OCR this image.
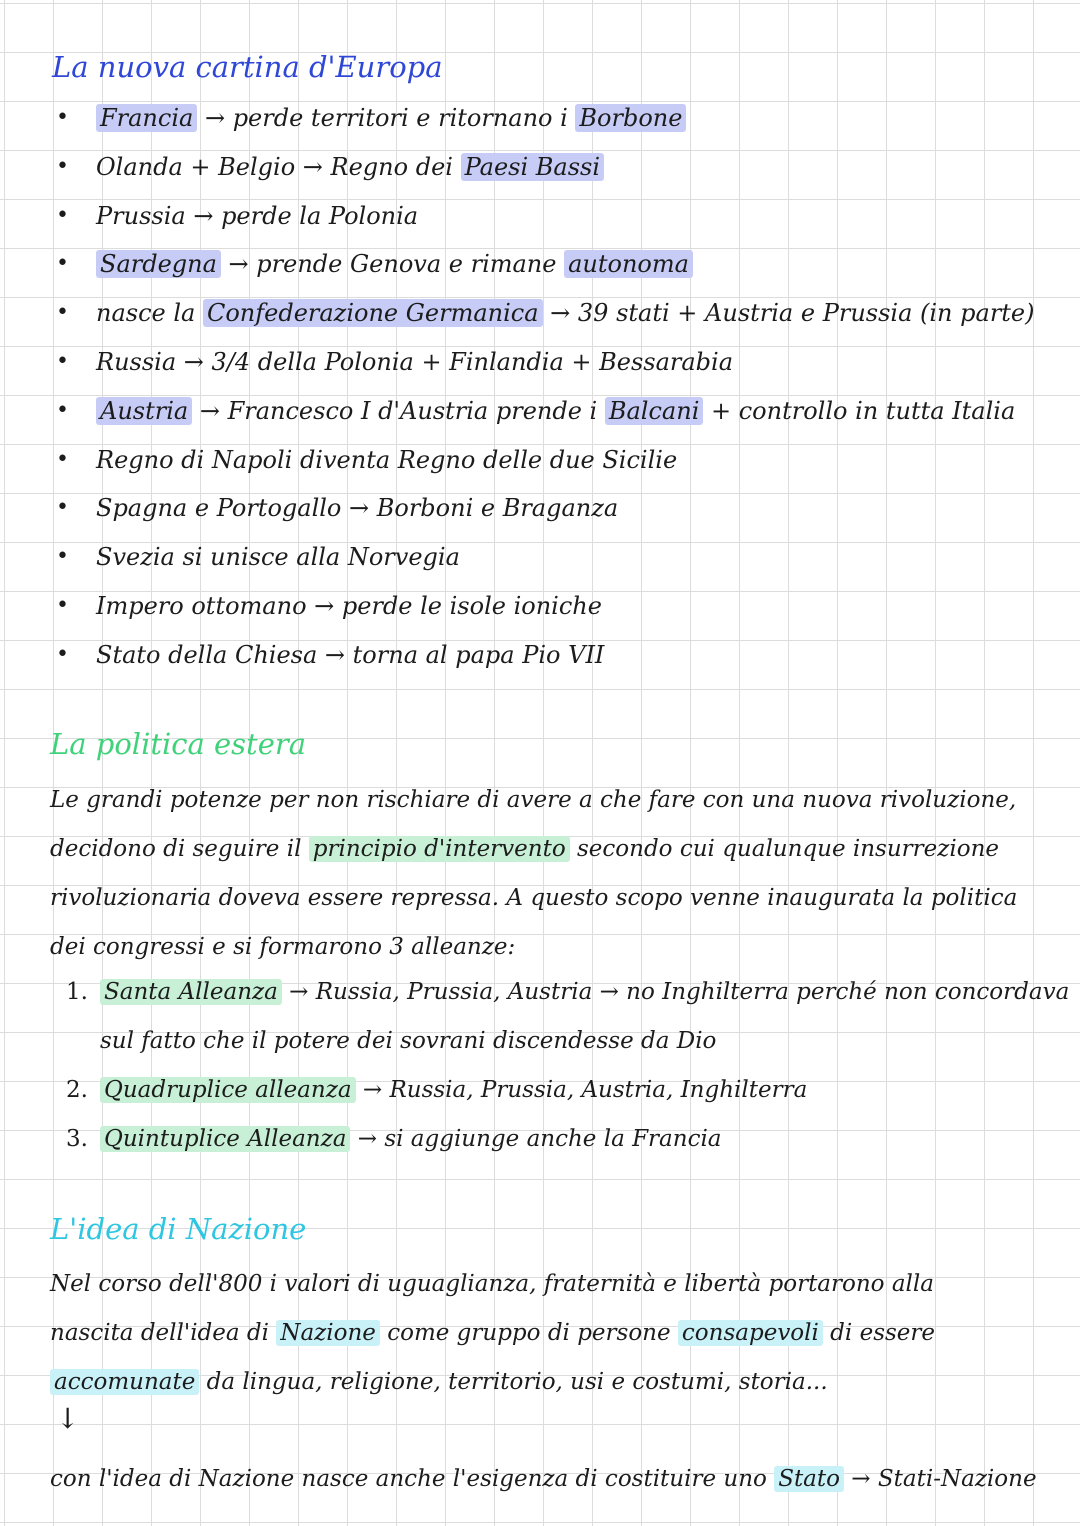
La nuova cartina d'Europa
• Francia → perde territori e ritornano i Borbone
• Olanda + Belgio → Regno dei Paesi Bassi
• Prussia → perde la Polonia
• Sardegna → prende Genova e rimane autonoma
• nasce la Confederazione Germanica → 39 stati + Austria e Prussia (in parte)
• Russia → 3/4 della Polonia + Finlandia + Bessarabia
• Austria → Francesco I d'Austria prende i Balcani + controllo in tutta Italia
• Regno di Napoli diventa Regno delle due Sicilie
• Spagna e Portogallo → Borboni e Braganza
• Svezia si unisce alla Norvegia
• Impero ottomano → perde le isole ioniche
• Stato della Chiesa → torna al papa Pio VII
La politica estera
Le grandi potenze per non rischiare di avere a che fare con una nuova rivoluzione,
decidono di seguire il principio d'intervento secondo cui qualunque insurrezione
rivoluzionaria doveva essere repressa. A questo scopo venne inaugurata la politica
dei congressi e si formarono 3 alleanze:
1. Santa Alleanza → Russia, Prussia, Austria → no Inghilterra perché non concordava
sul fatto che il potere dei sovrani discendesse da Dio
2. Quadruplice alleanza → Russia, Prussia, Austria, Inghilterra
3. Quintuplice Alleanza → si aggiunge anche la Francia
L'idea di Nazione
Nel corso dell'800 i valori di uguaglianza, fraternità e libertà portarono alla
nascita dell'idea di Nazione come gruppo di persone consapevoli di essere
accomunate da lingua, religione, territorio, usi e costumi, storia...
↓
con l'idea di Nazione nasce anche l'esigenza di costituire uno Stato → Stati-Nazione
